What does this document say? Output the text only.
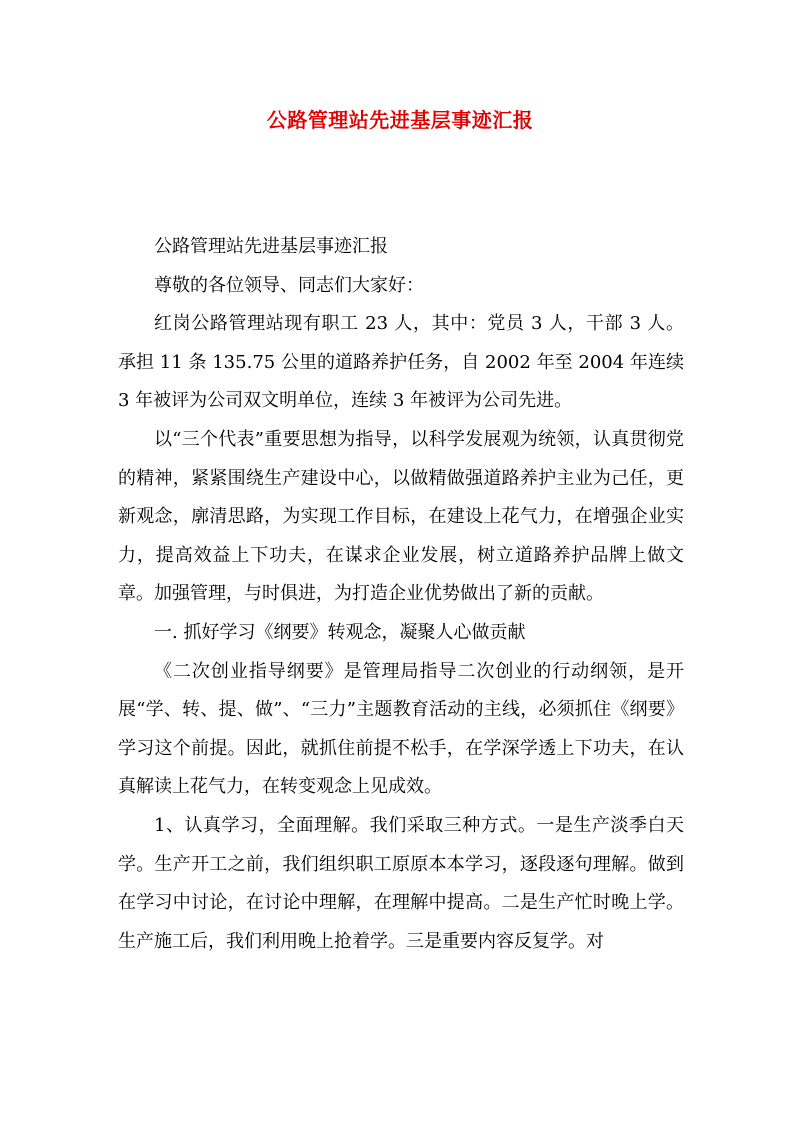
公路管理站先进基层事迹汇报

公路管理站先进基层事迹汇报

尊敬的各位领导、同志们大家好：

红岗公路管理站现有职工 23 人，其中：党员 3 人，干部 3 人。承担 11 条 135.75 公里的道路养护任务，自 2002 年至 2004 年连续 3 年被评为公司双文明单位，连续 3 年被评为公司先进。

以“三个代表”重要思想为指导，以科学发展观为统领，认真贯彻党的精神，紧紧围绕生产建设中心，以做精做强道路养护主业为己任，更新观念，廓清思路，为实现工作目标，在建设上花气力，在增强企业实力，提高效益上下功夫，在谋求企业发展，树立道路养护品牌上做文章。加强管理，与时俱进，为打造企业优势做出了新的贡献。

一. 抓好学习《纲要》转观念，凝聚人心做贡献

《二次创业指导纲要》是管理局指导二次创业的行动纲领，是开展“学、转、提、做”、“三力”主题教育活动的主线，必须抓住《纲要》学习这个前提。因此，就抓住前提不松手，在学深学透上下功夫，在认真解读上花气力，在转变观念上见成效。

1、认真学习，全面理解。我们采取三种方式。一是生产淡季白天学。生产开工之前，我们组织职工原原本本学习，逐段逐句理解。做到在学习中讨论，在讨论中理解，在理解中提高。二是生产忙时晚上学。生产施工后，我们利用晚上抢着学。三是重要内容反复学。对
